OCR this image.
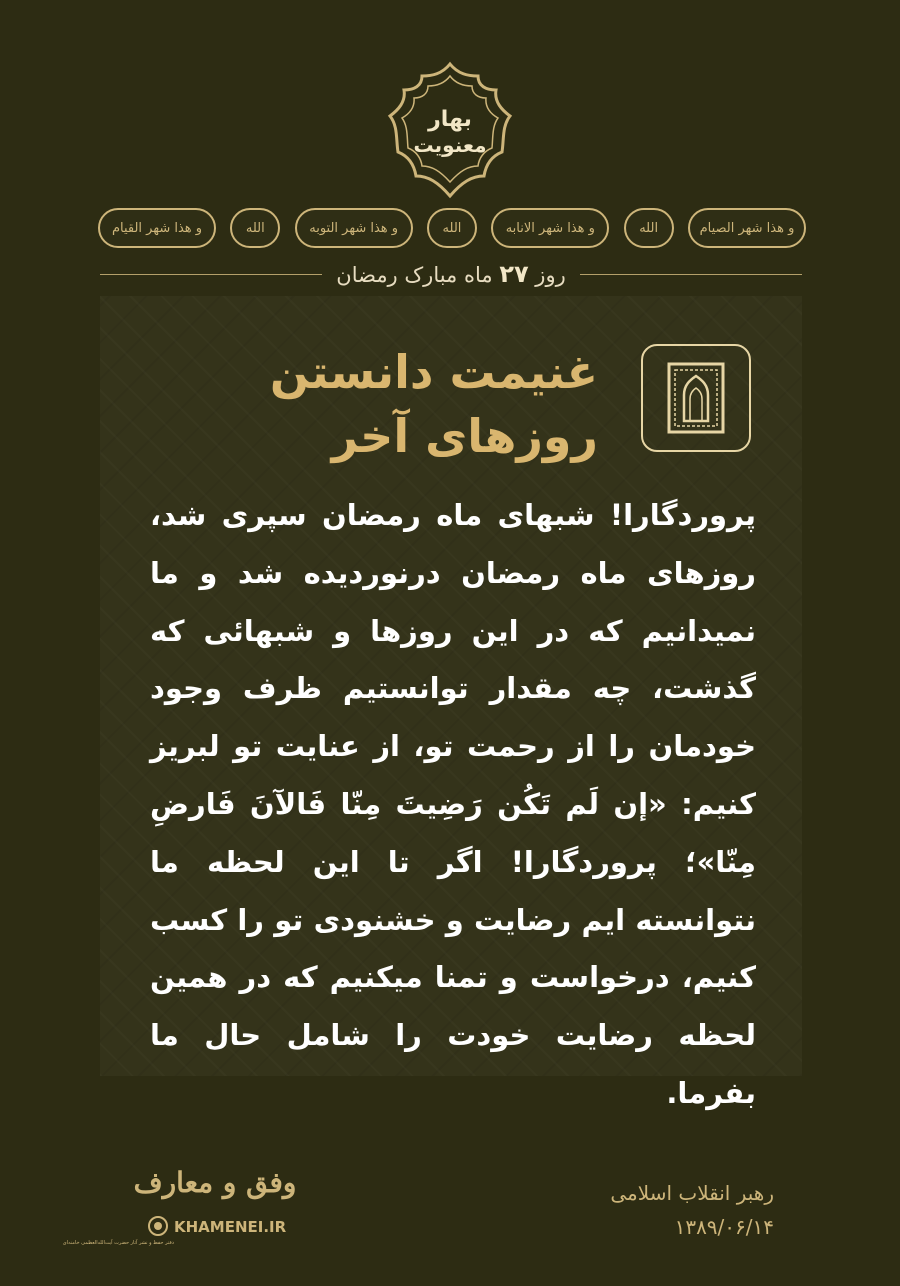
بهار
معنویت
و هذا شهر القیام	الله	و هذا شهر التوبه	الله	و هذا شهر الانابه	الله	و هذا شهر الصیام
روز ۲۷ ماه مبارک رمضان
غنیمت دانستن
روزهای آخر
پروردگارا! شبهای ماه رمضان سپری شد، روزهای ماه رمضان درنوردیده شد و ما نمیدانیم که در این روزها و شبهائی که گذشت، چه مقدار توانستیم ظرف وجود خودمان را از رحمت تو، از عنایت تو لبریز کنیم: «إن لَم تَکُن رَضِیتَ مِنّا فَالآنَ فَارضِ مِنّا»؛ پروردگارا! اگر تا این لحظه ما نتوانسته ایم رضایت و خشنودی تو را کسب کنیم، درخواست و تمنا میکنیم که در همین لحظه رضایت خودت را شامل حال ما بفرما.
وفق و معارف
KHAMENEI.IR
دفتر حفظ و نشر آثار حضرت آیت‌الله‌العظمی خامنه‌ای
رهبر انقلاب اسلامی
۱۳۸۹/۰۶/۱۴
